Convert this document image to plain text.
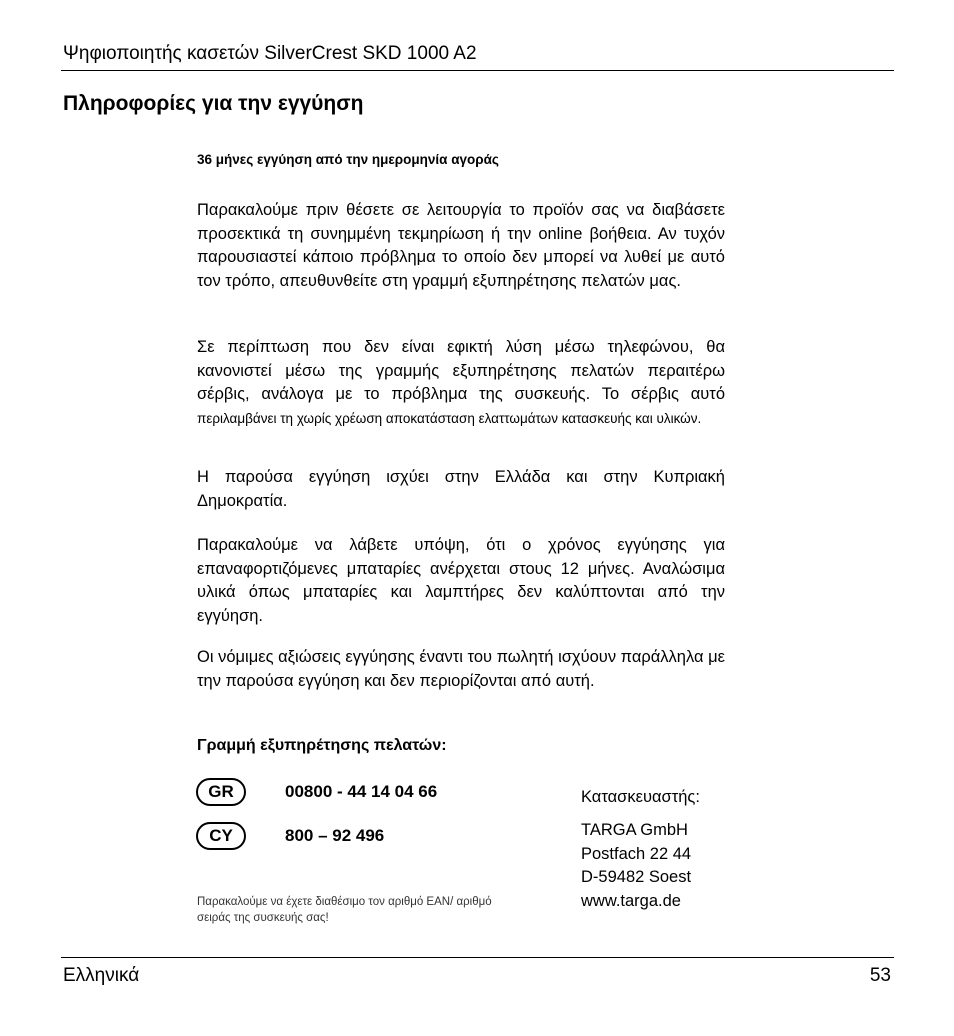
Ψηφιοποιητής κασετών SilverCrest SKD 1000 A2
Πληροφορίες για την εγγύηση
36 μήνες εγγύηση από την ημερομηνία αγοράς
Παρακαλούμε πριν θέσετε σε λειτουργία το προϊόν σας να διαβάσετε προσεκτικά τη συνημμένη τεκμηρίωση ή την online βοήθεια. Αν τυχόν παρουσιαστεί κάποιο πρόβλημα το οποίο δεν μπορεί να λυθεί με αυτό τον τρόπο, απευθυνθείτε στη γραμμή εξυπηρέτησης πελατών μας.
Σε περίπτωση που δεν είναι εφικτή λύση μέσω τηλεφώνου, θα κανονιστεί μέσω της γραμμής εξυπηρέτησης πελατών περαιτέρω σέρβις, ανάλογα με το πρόβλημα της συσκευής. Το σέρβις αυτό περιλαμβάνει τη χωρίς χρέωση αποκατάσταση ελαττωμάτων κατασκευής και υλικών.
Η παρούσα εγγύηση ισχύει στην Ελλάδα και στην Κυπριακή Δημοκρατία.
Παρακαλούμε να λάβετε υπόψη, ότι ο χρόνος εγγύησης για επαναφορτιζόμενες μπαταρίες ανέρχεται στους 12 μήνες. Αναλώσιμα υλικά όπως μπαταρίες και λαμπτήρες δεν καλύπτονται από την εγγύηση.
Οι νόμιμες αξιώσεις εγγύησης έναντι του πωλητή ισχύουν παράλληλα με την παρούσα εγγύηση και δεν περιορίζονται από αυτή.
Γραμμή εξυπηρέτησης πελατών:
GR	00800 - 44 14 04 66
CY	800 – 92 496
Κατασκευαστής:
TARGA GmbH
Postfach 22 44
D-59482 Soest
www.targa.de
Παρακαλούμε να έχετε διαθέσιμο τον αριθμό EAN/ αριθμό σειράς της συσκευής σας!
Ελληνικά	53
